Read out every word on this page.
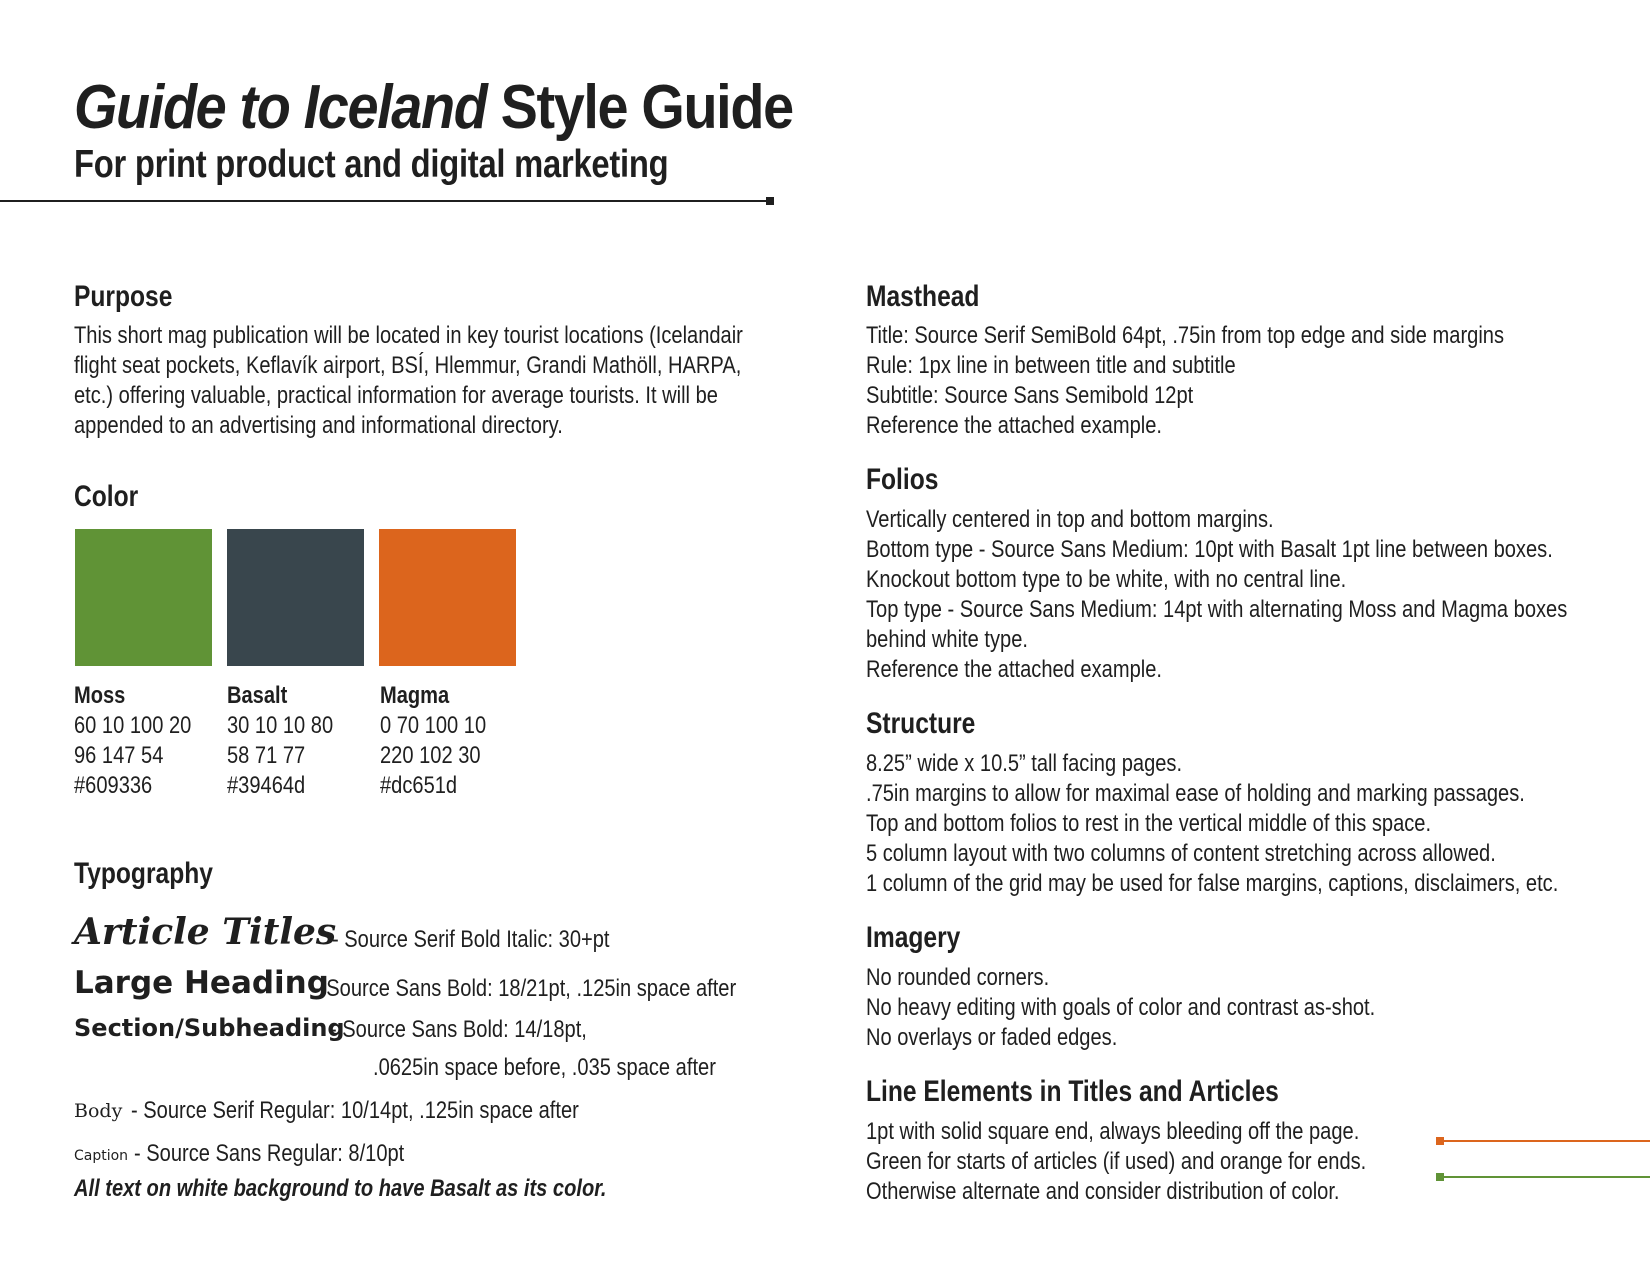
Guide to Iceland Style Guide
For print product and digital marketing
Purpose
This short mag publication will be located in key tourist locations (Icelandair
flight seat pockets, Keflavík airport, BSÍ, Hlemmur, Grandi Mathöll, HARPA,
etc.) offering valuable, practical information for average tourists. It will be
appended to an advertising and informational directory.
Color
Moss
60 10 100 20
96 147 54
#609336
Basalt
30 10 10 80
58 71 77
#39464d
Magma
0 70 100 10
220 102 30
#dc651d
Typography
Article Titles
- Source Serif Bold Italic: 30+pt
Large Heading
- Source Sans Bold: 18/21pt, .125in space after
Section/Subheading
- Source Sans Bold: 14/18pt,
.0625in space before, .035 space after
Body - Source Serif Regular: 10/14pt, .125in space after
Caption - Source Sans Regular: 8/10pt
All text on white background to have Basalt as its color.
Masthead
Title: Source Serif SemiBold 64pt, .75in from top edge and side margins
Rule: 1px line in between title and subtitle
Subtitle: Source Sans Semibold 12pt
Reference the attached example.
Folios
Vertically centered in top and bottom margins.
Bottom type - Source Sans Medium: 10pt with Basalt 1pt line between boxes.
Knockout bottom type to be white, with no central line.
Top type - Source Sans Medium: 14pt with alternating Moss and Magma boxes
behind white type.
Reference the attached example.
Structure
8.25” wide x 10.5” tall facing pages.
.75in margins to allow for maximal ease of holding and marking passages.
Top and bottom folios to rest in the vertical middle of this space.
5 column layout with two columns of content stretching across allowed.
1 column of the grid may be used for false margins, captions, disclaimers, etc.
Imagery
No rounded corners.
No heavy editing with goals of color and contrast as-shot.
No overlays or faded edges.
Line Elements in Titles and Articles
1pt with solid square end, always bleeding off the page.
Green for starts of articles (if used) and orange for ends.
Otherwise alternate and consider distribution of color.
